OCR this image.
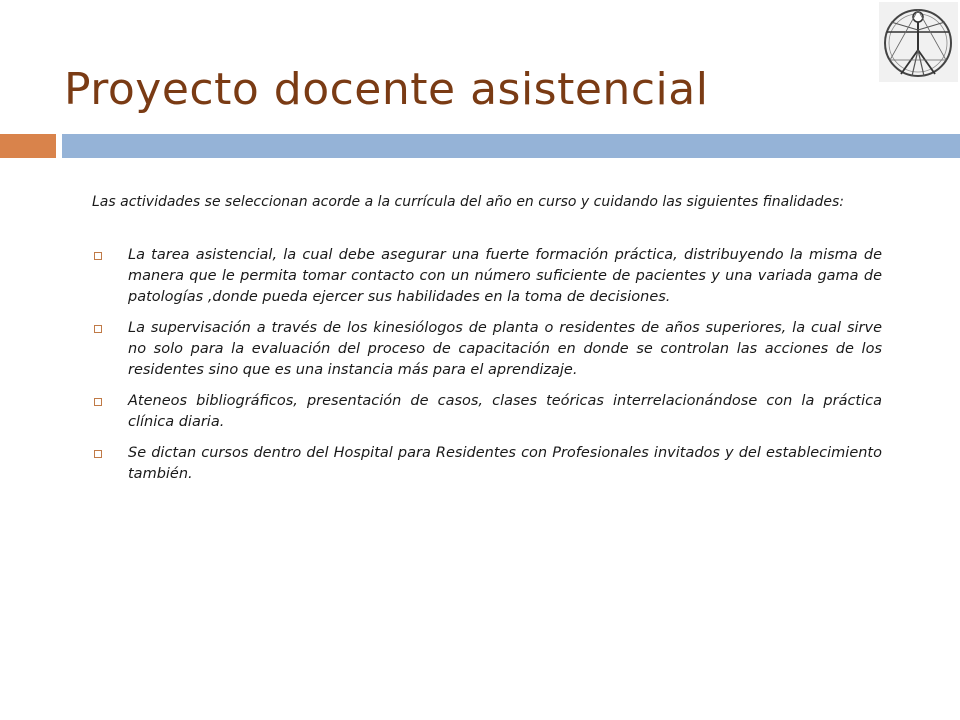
Proyecto docente asistencial

Las actividades se seleccionan acorde a la currícula del año en curso y cuidando las siguientes finalidades:

La tarea asistencial, la cual debe asegurar una fuerte formación práctica, distribuyendo la misma de manera que le permita tomar contacto con un número suficiente de pacientes y una variada gama de patologías ,donde pueda ejercer sus habilidades en la toma de decisiones.
La supervisación a través de los kinesiólogos de planta o residentes de años superiores, la cual sirve no solo para la evaluación del proceso de capacitación en donde se controlan las acciones de los residentes sino que es una instancia más para el aprendizaje.
Ateneos bibliográficos, presentación de casos, clases teóricas interrelacionándose con la práctica clínica diaria.
Se dictan cursos dentro del Hospital para Residentes con Profesionales invitados y del establecimiento también.
